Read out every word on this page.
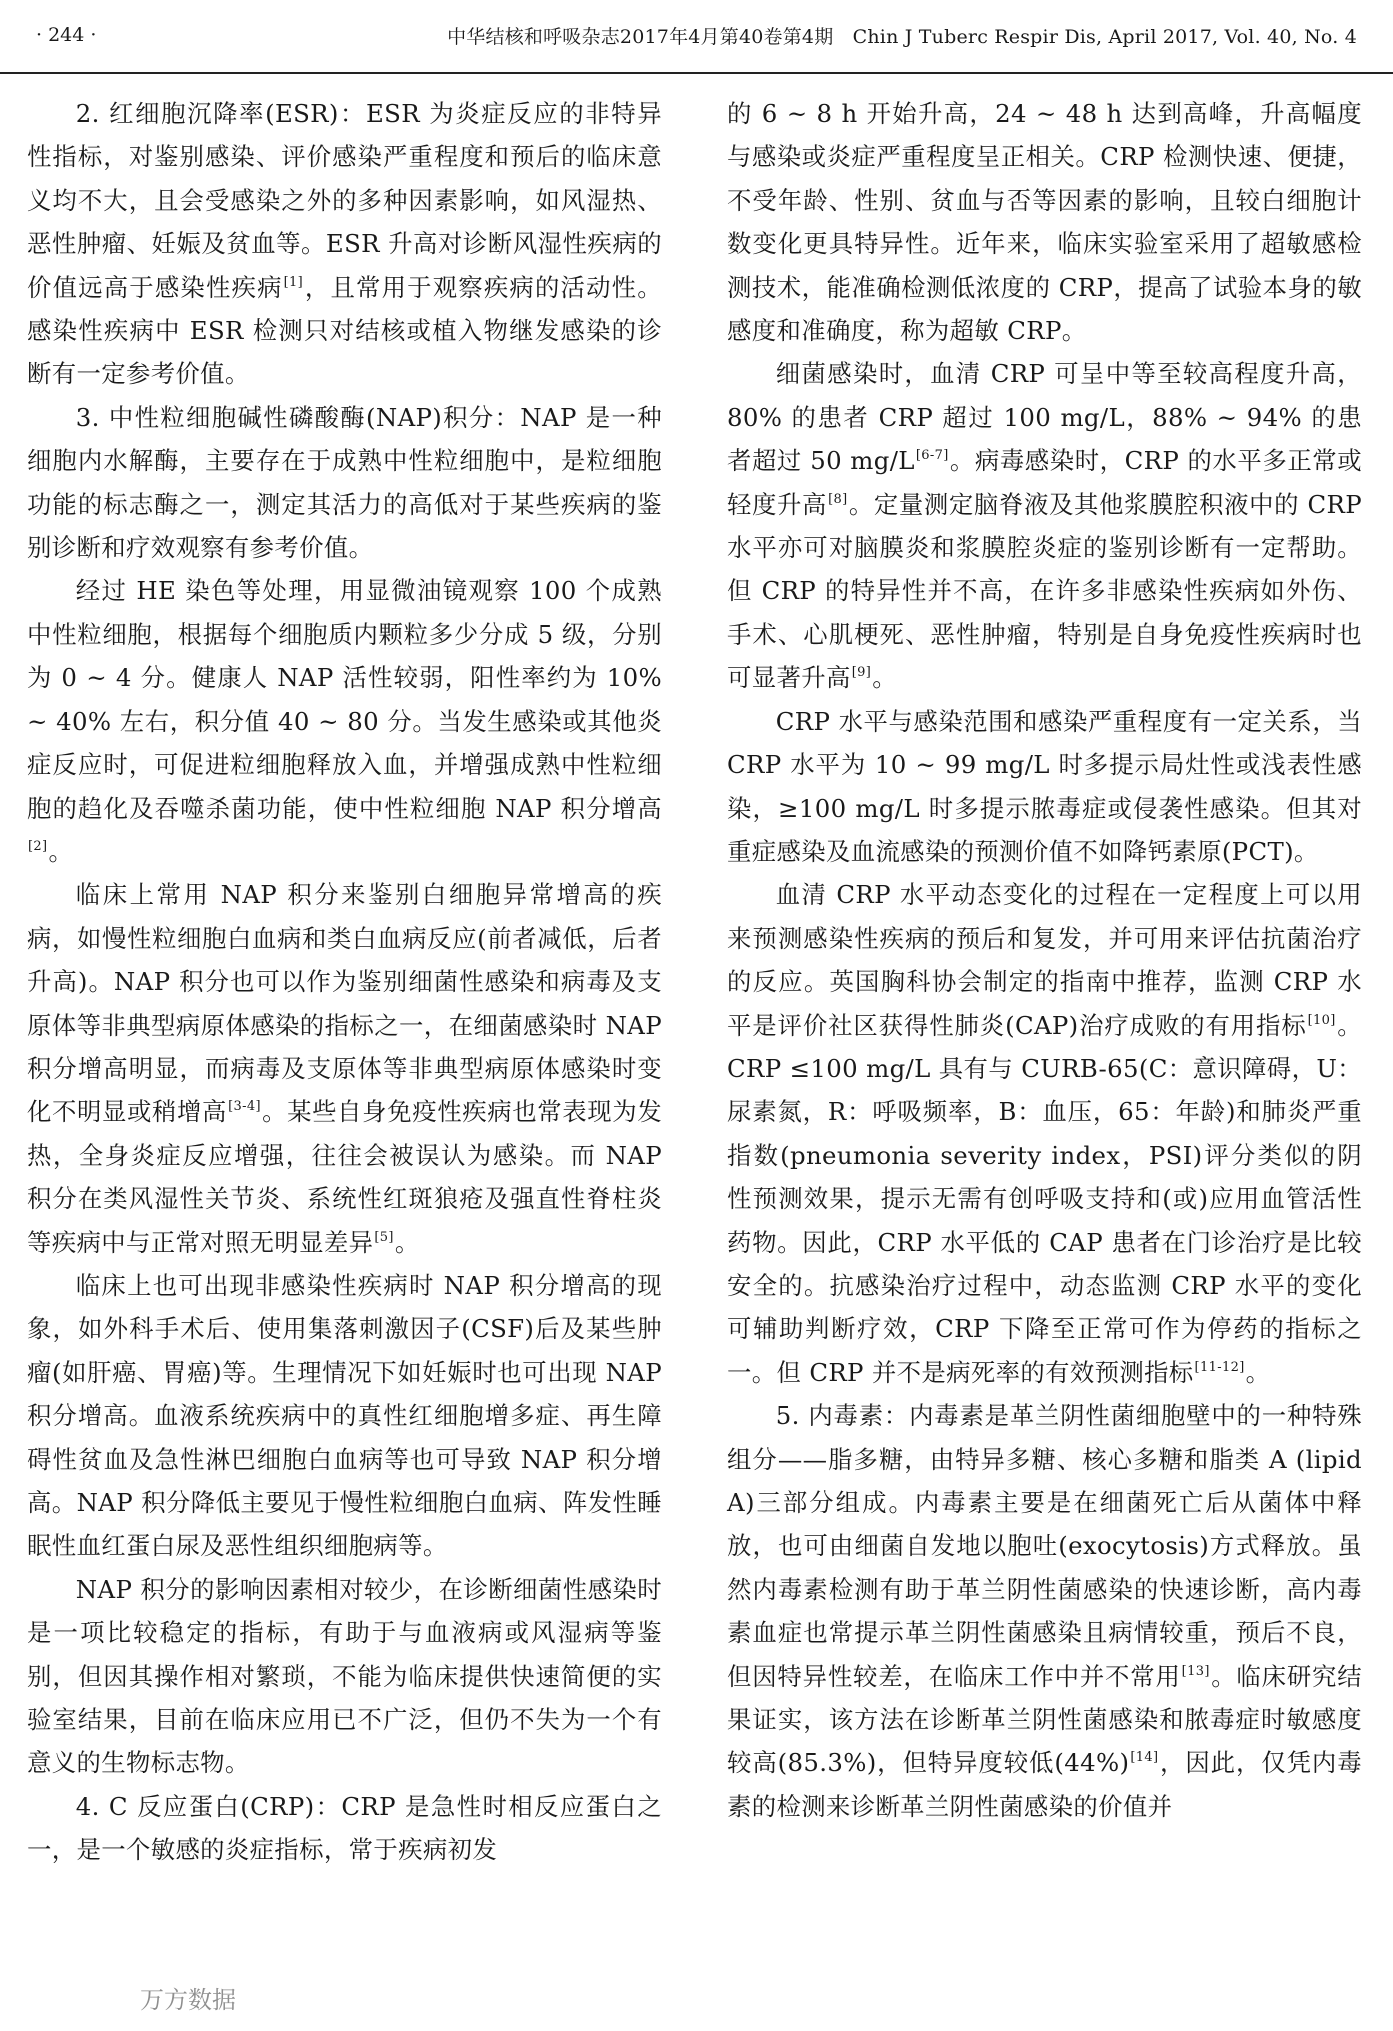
· 244 ·	中华结核和呼吸杂志2017年4月第40卷第4期　Chin J Tuberc Respir Dis, April 2017, Vol. 40, No. 4

2. 红细胞沉降率(ESR)：ESR 为炎症反应的非特异性指标，对鉴别感染、评价感染严重程度和预后的临床意义均不大，且会受感染之外的多种因素影响，如风湿热、恶性肿瘤、妊娠及贫血等。ESR 升高对诊断风湿性疾病的价值远高于感染性疾病[1]，且常用于观察疾病的活动性。感染性疾病中 ESR 检测只对结核或植入物继发感染的诊断有一定参考价值。

3. 中性粒细胞碱性磷酸酶(NAP)积分：NAP 是一种细胞内水解酶，主要存在于成熟中性粒细胞中，是粒细胞功能的标志酶之一，测定其活力的高低对于某些疾病的鉴别诊断和疗效观察有参考价值。

经过 HE 染色等处理，用显微油镜观察 100 个成熟中性粒细胞，根据每个细胞质内颗粒多少分成 5 级，分别为 0 ~ 4 分。健康人 NAP 活性较弱，阳性率约为 10% ~ 40% 左右，积分值 40 ~ 80 分。当发生感染或其他炎症反应时，可促进粒细胞释放入血，并增强成熟中性粒细胞的趋化及吞噬杀菌功能，使中性粒细胞 NAP 积分增高[2]。

临床上常用 NAP 积分来鉴别白细胞异常增高的疾病，如慢性粒细胞白血病和类白血病反应(前者减低，后者升高)。NAP 积分也可以作为鉴别细菌性感染和病毒及支原体等非典型病原体感染的指标之一，在细菌感染时 NAP 积分增高明显，而病毒及支原体等非典型病原体感染时变化不明显或稍增高[3-4]。某些自身免疫性疾病也常表现为发热，全身炎症反应增强，往往会被误认为感染。而 NAP 积分在类风湿性关节炎、系统性红斑狼疮及强直性脊柱炎等疾病中与正常对照无明显差异[5]。

临床上也可出现非感染性疾病时 NAP 积分增高的现象，如外科手术后、使用集落刺激因子(CSF)后及某些肿瘤(如肝癌、胃癌)等。生理情况下如妊娠时也可出现 NAP 积分增高。血液系统疾病中的真性红细胞增多症、再生障碍性贫血及急性淋巴细胞白血病等也可导致 NAP 积分增高。NAP 积分降低主要见于慢性粒细胞白血病、阵发性睡眠性血红蛋白尿及恶性组织细胞病等。

NAP 积分的影响因素相对较少，在诊断细菌性感染时是一项比较稳定的指标，有助于与血液病或风湿病等鉴别，但因其操作相对繁琐，不能为临床提供快速简便的实验室结果，目前在临床应用已不广泛，但仍不失为一个有意义的生物标志物。

4. C 反应蛋白(CRP)：CRP 是急性时相反应蛋白之一，是一个敏感的炎症指标，常于疾病初发

的 6 ~ 8 h 开始升高，24 ~ 48 h 达到高峰，升高幅度与感染或炎症严重程度呈正相关。CRP 检测快速、便捷，不受年龄、性别、贫血与否等因素的影响，且较白细胞计数变化更具特异性。近年来，临床实验室采用了超敏感检测技术，能准确检测低浓度的 CRP，提高了试验本身的敏感度和准确度，称为超敏 CRP。

细菌感染时，血清 CRP 可呈中等至较高程度升高，80% 的患者 CRP 超过 100 mg/L，88% ~ 94% 的患者超过 50 mg/L[6-7]。病毒感染时，CRP 的水平多正常或轻度升高[8]。定量测定脑脊液及其他浆膜腔积液中的 CRP 水平亦可对脑膜炎和浆膜腔炎症的鉴别诊断有一定帮助。但 CRP 的特异性并不高，在许多非感染性疾病如外伤、手术、心肌梗死、恶性肿瘤，特别是自身免疫性疾病时也可显著升高[9]。

CRP 水平与感染范围和感染严重程度有一定关系，当 CRP 水平为 10 ~ 99 mg/L 时多提示局灶性或浅表性感染，≥100 mg/L 时多提示脓毒症或侵袭性感染。但其对重症感染及血流感染的预测价值不如降钙素原(PCT)。

血清 CRP 水平动态变化的过程在一定程度上可以用来预测感染性疾病的预后和复发，并可用来评估抗菌治疗的反应。英国胸科协会制定的指南中推荐，监测 CRP 水平是评价社区获得性肺炎(CAP)治疗成败的有用指标[10]。CRP ≤100 mg/L 具有与 CURB-65(C：意识障碍，U：尿素氮，R：呼吸频率，B：血压，65：年龄)和肺炎严重指数(pneumonia severity index，PSI)评分类似的阴性预测效果，提示无需有创呼吸支持和(或)应用血管活性药物。因此，CRP 水平低的 CAP 患者在门诊治疗是比较安全的。抗感染治疗过程中，动态监测 CRP 水平的变化可辅助判断疗效，CRP 下降至正常可作为停药的指标之一。但 CRP 并不是病死率的有效预测指标[11-12]。

5. 内毒素：内毒素是革兰阴性菌细胞壁中的一种特殊组分——脂多糖，由特异多糖、核心多糖和脂类 A (lipid A)三部分组成。内毒素主要是在细菌死亡后从菌体中释放，也可由细菌自发地以胞吐(exocytosis)方式释放。虽然内毒素检测有助于革兰阴性菌感染的快速诊断，高内毒素血症也常提示革兰阴性菌感染且病情较重，预后不良，但因特异性较差，在临床工作中并不常用[13]。临床研究结果证实，该方法在诊断革兰阴性菌感染和脓毒症时敏感度较高(85.3%)，但特异度较低(44%)[14]，因此，仅凭内毒素的检测来诊断革兰阴性菌感染的价值并

万方数据
